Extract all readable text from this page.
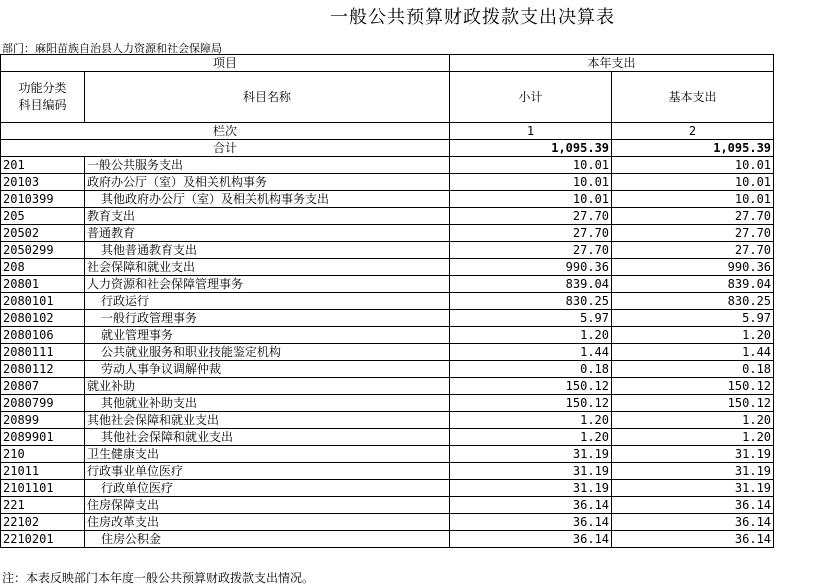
一般公共预算财政拨款支出决算表
部门：麻阳苗族自治县人力资源和社会保障局
项目		本年支出	
功能分类
科目编码	科目名称	小计	基本支出
栏次		1	2
合计		1,095.39	1,095.39
201	一般公共服务支出	10.01	10.01
20103	政府办公厅（室）及相关机构事务	10.01	10.01
2010399	其他政府办公厅（室）及相关机构事务支出	10.01	10.01
205	教育支出	27.70	27.70
20502	普通教育	27.70	27.70
2050299	其他普通教育支出	27.70	27.70
208	社会保障和就业支出	990.36	990.36
20801	人力资源和社会保障管理事务	839.04	839.04
2080101	行政运行	830.25	830.25
2080102	一般行政管理事务	5.97	5.97
2080106	就业管理事务	1.20	1.20
2080111	公共就业服务和职业技能鉴定机构	1.44	1.44
2080112	劳动人事争议调解仲裁	0.18	0.18
20807	就业补助	150.12	150.12
2080799	其他就业补助支出	150.12	150.12
20899	其他社会保障和就业支出	1.20	1.20
2089901	其他社会保障和就业支出	1.20	1.20
210	卫生健康支出	31.19	31.19
21011	行政事业单位医疗	31.19	31.19
2101101	行政单位医疗	31.19	31.19
221	住房保障支出	36.14	36.14
22102	住房改革支出	36.14	36.14
2210201	住房公积金	36.14	36.14
注：本表反映部门本年度一般公共预算财政拨款支出情况。
